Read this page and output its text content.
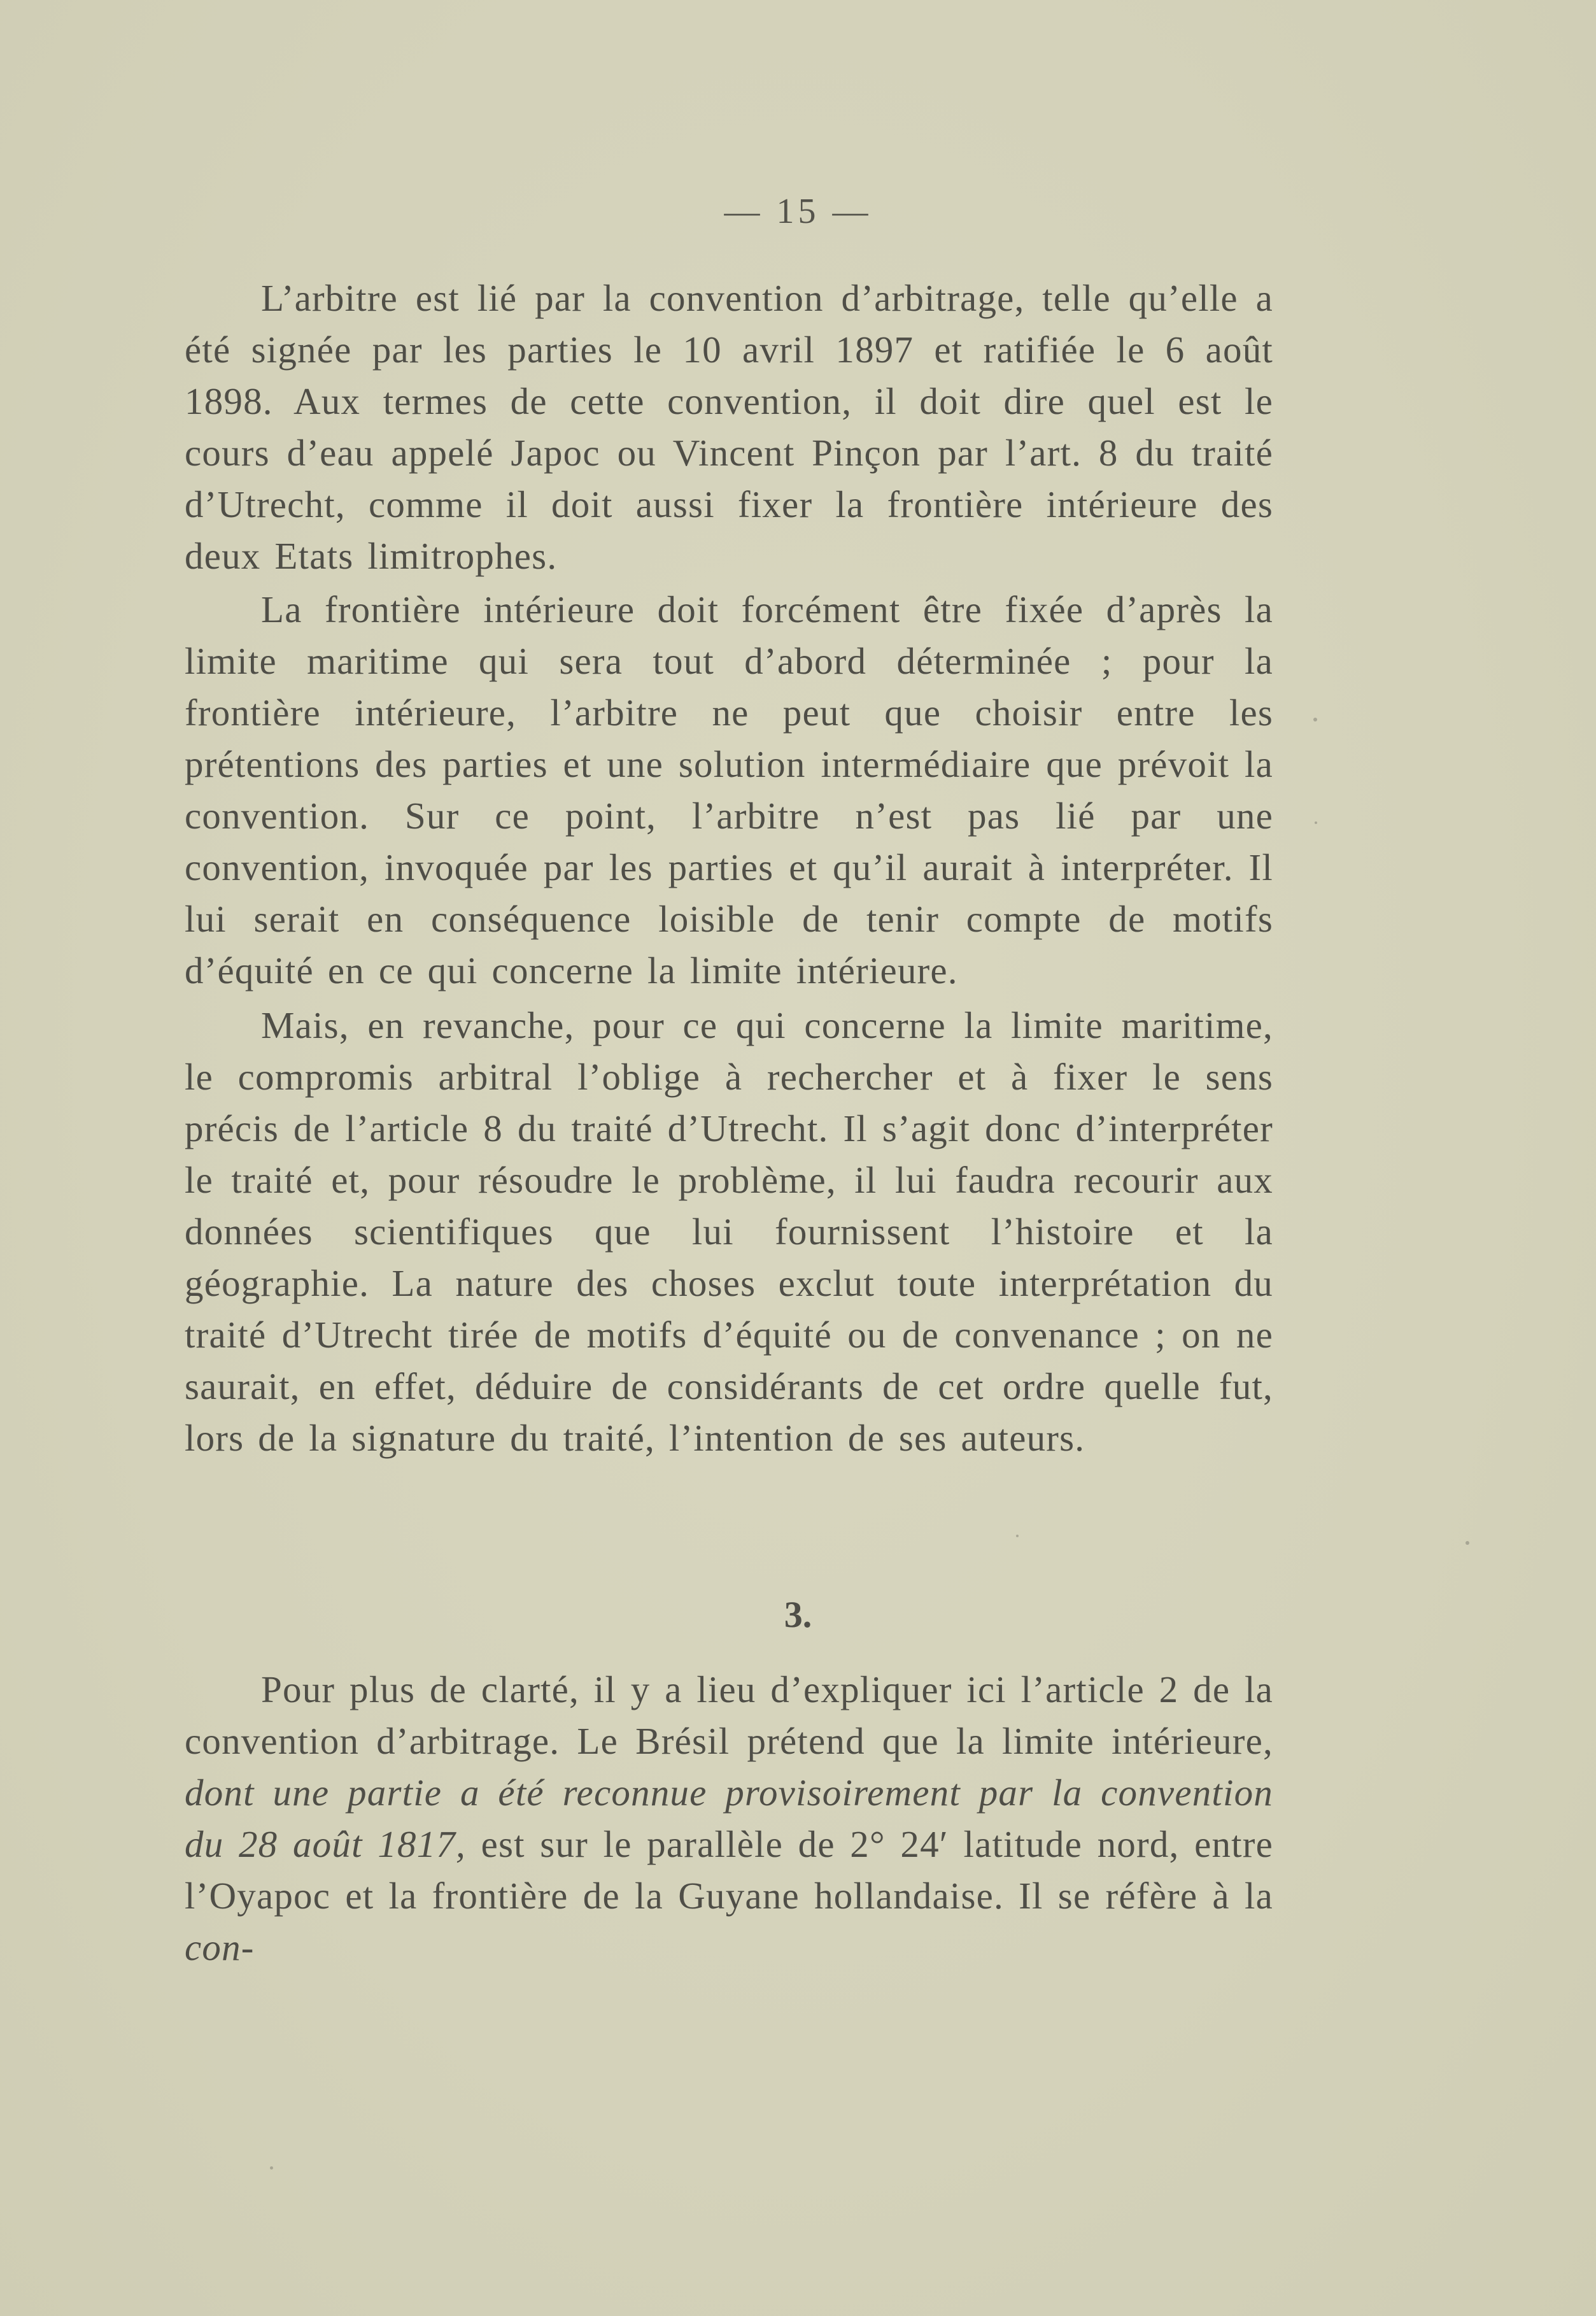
— 15 —

L’arbitre est lié par la convention d’arbitrage, telle qu’elle a été signée par les parties le 10 avril 1897 et ratifiée le 6 août 1898. Aux termes de cette convention, il doit dire quel est le cours d’eau appelé Japoc ou Vincent Pinçon par l’art. 8 du traité d’Utrecht, comme il doit aussi fixer la frontière intérieure des deux Etats limitrophes.

La frontière intérieure doit forcément être fixée d’après la limite maritime qui sera tout d’abord déterminée ; pour la frontière intérieure, l’arbitre ne peut que choisir entre les prétentions des parties et une solution intermédiaire que prévoit la convention. Sur ce point, l’arbitre n’est pas lié par une convention, invoquée par les parties et qu’il aurait à interpréter. Il lui serait en conséquence loisible de tenir compte de motifs d’équité en ce qui concerne la limite intérieure.

Mais, en revanche, pour ce qui concerne la limite maritime, le compromis arbitral l’oblige à rechercher et à fixer le sens précis de l’article 8 du traité d’Utrecht. Il s’agit donc d’interpréter le traité et, pour résoudre le problème, il lui faudra recourir aux données scientifiques que lui fournissent l’histoire et la géographie. La nature des choses exclut toute interprétation du traité d’Utrecht tirée de motifs d’équité ou de convenance ; on ne saurait, en effet, déduire de considérants de cet ordre quelle fut, lors de la signature du traité, l’intention de ses auteurs.

3.

Pour plus de clarté, il y a lieu d’expliquer ici l’article 2 de la convention d’arbitrage. Le Brésil prétend que la limite intérieure, dont une partie a été reconnue provisoirement par la convention du 28 août 1817, est sur le parallèle de 2° 24′ latitude nord, entre l’Oyapoc et la frontière de la Guyane hollandaise. Il se réfère à la con-
